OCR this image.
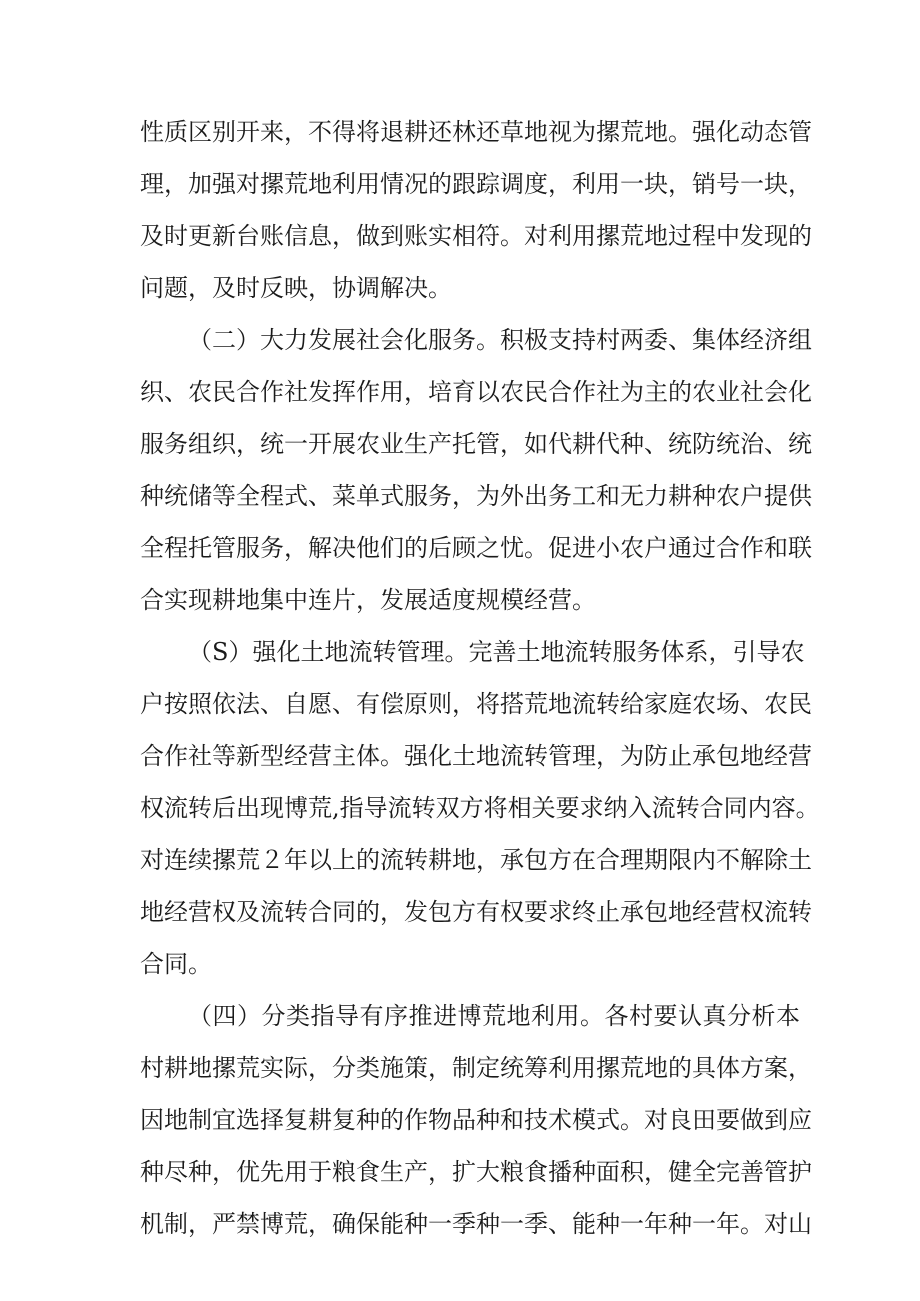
性质区别开来，不得将退耕还林还草地视为摞荒地。强化动态管
理，加强对摞荒地利用情况的跟踪调度，利用一块，销号一块，
及时更新台账信息，做到账实相符。对利用摞荒地过程中发现的
问题，及时反映，协调解决。

（二）大力发展社会化服务。积极支持村两委、集体经济组
织、农民合作社发挥作用，培育以农民合作社为主的农业社会化
服务组织，统一开展农业生产托管，如代耕代种、统防统治、统
种统储等全程式、菜单式服务，为外出务工和无力耕种农户提供
全程托管服务，解决他们的后顾之忧。促进小农户通过合作和联
合实现耕地集中连片，发展适度规模经营。

（S）强化土地流转管理。完善土地流转服务体系，引导农
户按照依法、自愿、有偿原则，将搭荒地流转给家庭农场、农民
合作社等新型经营主体。强化土地流转管理，为防止承包地经营
权流转后出现博荒,指导流转双方将相关要求纳入流转合同内容。
对连续摞荒２年以上的流转耕地，承包方在合理期限内不解除土
地经营权及流转合同的，发包方有权要求终止承包地经营权流转
合同。

（四）分类指导有序推进博荒地利用。各村要认真分析本
村耕地摞荒实际，分类施策，制定统筹利用摞荒地的具体方案，
因地制宜选择复耕复种的作物品种和技术模式。对良田要做到应
种尽种，优先用于粮食生产，扩大粮食播种面积，健全完善管护
机制，严禁博荒，确保能种一季种一季、能种一年种一年。对山
